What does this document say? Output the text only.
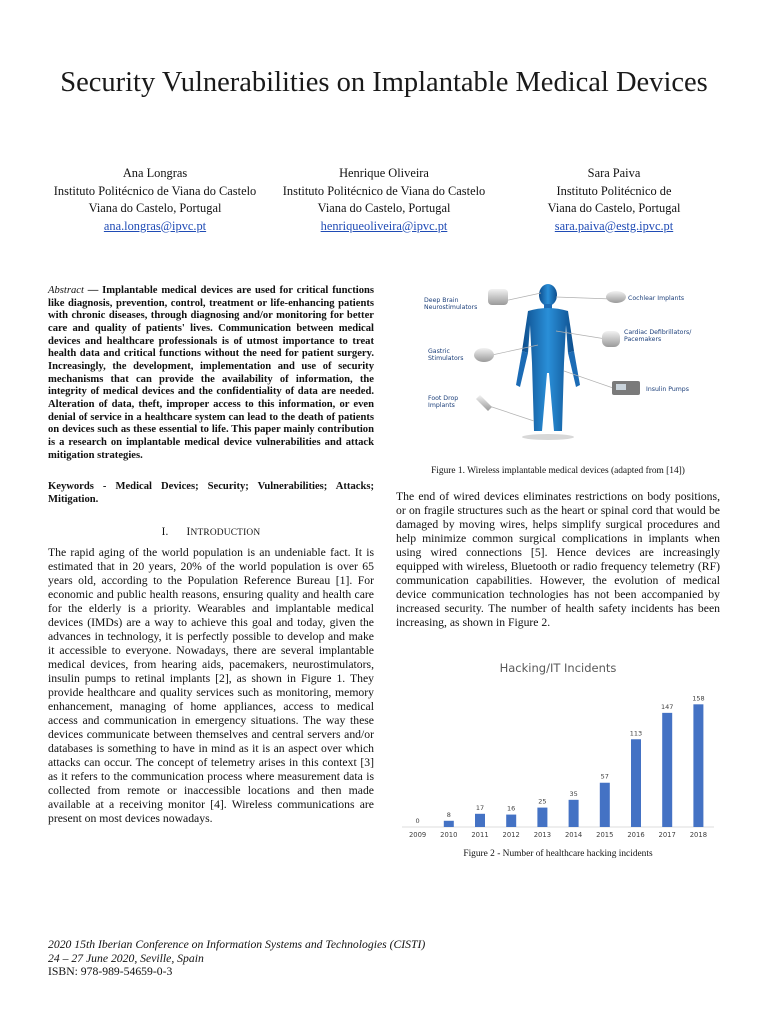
Security Vulnerabilities on Implantable Medical Devices
Ana Longras
Instituto Politécnico de Viana do Castelo
Viana do Castelo, Portugal
ana.longras@ipvc.pt
Henrique Oliveira
Instituto Politécnico de Viana do Castelo
Viana do Castelo, Portugal
henriqueoliveira@ipvc.pt
Sara Paiva
Instituto Politécnico de
Viana do Castelo, Portugal
sara.paiva@estg.ipvc.pt

Abstract — Implantable medical devices are used for critical functions like diagnosis, prevention, control, treatment or life-enhancing patients with chronic diseases, through diagnosing and/or monitoring for better care and quality of patients' lives. Communication between medical devices and healthcare professionals is of utmost importance to treat health data and critical functions without the need for patient surgery. Increasingly, the development, implementation and use of security mechanisms that can provide the availability of information, the integrity of medical devices and the confidentiality of data are needed. Alteration of data, theft, improper access to this information, or even denial of service in a healthcare system can lead to the death of patients on devices such as these essential to life. This paper mainly contribution is a research on implantable medical device vulnerabilities and attack mitigation strategies.

Keywords - Medical Devices; Security; Vulnerabilities; Attacks; Mitigation.

I. INTRODUCTION

The rapid aging of the world population is an undeniable fact. It is estimated that in 20 years, 20% of the world population is over 65 years old, according to the Population Reference Bureau [1]. For economic and public health reasons, ensuring quality and health care for the elderly is a priority. Wearables and implantable medical devices (IMDs) are a way to achieve this goal and today, given the advances in technology, it is perfectly possible to develop and make it accessible to everyone. Nowadays, there are several implantable medical devices, from hearing aids, pacemakers, neurostimulators, insulin pumps to retinal implants [2], as shown in Figure 1. They provide healthcare and quality services such as monitoring, memory enhancement, managing of home appliances, access to medical access and communication in emergency situations. The way these devices communicate between themselves and central servers and/or databases is something to have in mind as it is an aspect over which attacks can occur. The concept of telemetry arises in this context [3] as it refers to the communication process where measurement data is collected from remote or inaccessible locations and then made available at a receiving monitor [4]. Wireless communications are present on most devices nowadays.

Deep Brain
Neurostimulators
Cochlear Implants
Cardiac Defibrillators/
Pacemakers
Gastric
Stimulators
Insulin Pumps
Foot Drop
Implants
Figure 1. Wireless implantable medical devices (adapted from [14])

The end of wired devices eliminates restrictions on body positions, or on fragile structures such as the heart or spinal cord that would be damaged by moving wires, helps simplify surgical procedures and help minimize common surgical complications in implants when using wired connections [5]. Hence devices are increasingly equipped with wireless, Bluetooth or radio frequency telemetry (RF) communication capabilities. However, the evolution of medical device communication technologies has not been accompanied by increased security. The number of health safety incidents has been increasing, as shown in Figure 2.

Hacking/IT Incidents
0
2009
8
2010
17
2011
16
2012
25
2013
35
2014
57
2015
113
2016
147
2017
158
2018
Figure 2 - Number of healthcare hacking incidents
2020 15th Iberian Conference on Information Systems and Technologies (CISTI)
24 – 27 June 2020, Seville, Spain
ISBN: 978-989-54659-0-3
